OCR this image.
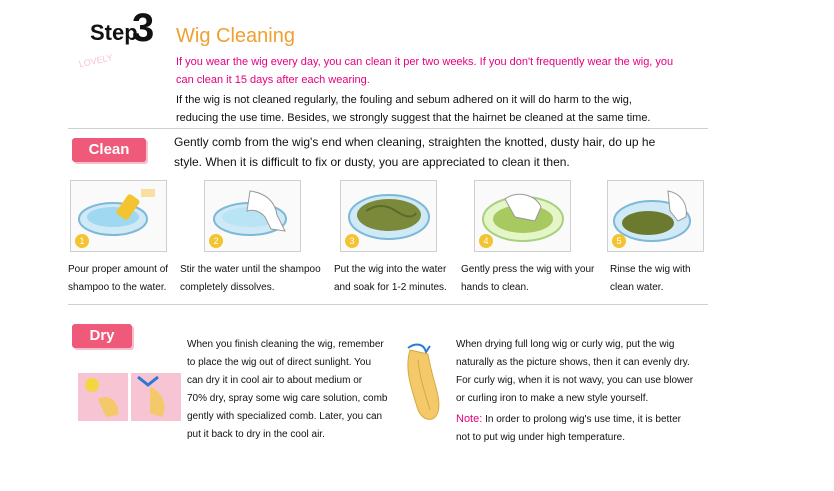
Step
3
LOVELY
Wig Cleaning
If you wear the wig every day, you can clean it per two weeks. If you don't frequently wear the wig, you
can clean it 15 days after each wearing.
If the wig is not cleaned regularly, the fouling and sebum adhered on it will do harm to the wig,
reducing the use time. Besides, we strongly suggest that the hairnet be cleaned at the same time.
Clean	Gently comb from the wig's end when cleaning, straighten the knotted, dusty hair, do up he
style. When it is difficult to fix or dusty, you are appreciated to clean it then.
1	2	3	4	5
Pour proper amount of
shampoo to the water.
Stir the water until the shampoo
completely dissolves.
Put the wig into the water
and soak for 1-2 minutes.
Gently press the wig with your
hands to clean.
Rinse the wig with
clean water.
Dry
When you finish cleaning the wig, remember
to place the wig out of direct sunlight. You
can dry it in cool air to about medium or
70% dry, spray some wig care solution, comb
gently with specialized comb. Later, you can
put it back to dry in the cool air.
When drying full long wig or curly wig, put the wig
naturally as the picture shows, then it can evenly dry.
For curly wig, when it is not wavy, you can use blower
or curling iron to make a new style yourself.
Note: In order to prolong wig's use time, it is better
not to put wig under high temperature.
